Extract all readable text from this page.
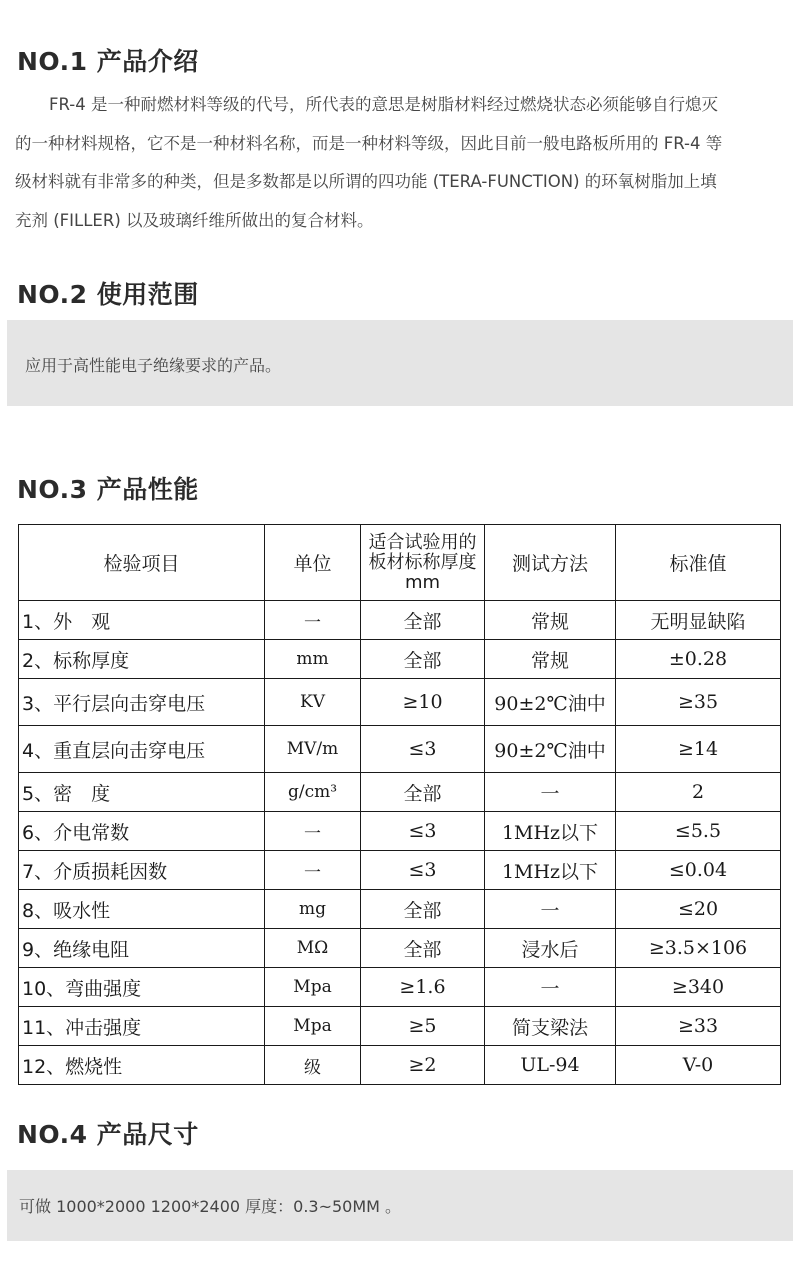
NO.1 产品介绍
FR-4 是一种耐燃材料等级的代号，所代表的意思是树脂材料经过燃烧状态必须能够自行熄灭
的一种材料规格，它不是一种材料名称，而是一种材料等级，因此目前一般电路板所用的 FR-4 等
级材料就有非常多的种类，但是多数都是以所谓的四功能 (TERA-FUNCTION) 的环氧树脂加上填
充剂 (FILLER) 以及玻璃纤维所做出的复合材料。
NO.2 使用范围
应用于高性能电子绝缘要求的产品。
NO.3 产品性能
检验项目	单位	适合试验用的板材标称厚度mm	测试方法	标准值
1、外　观	一	全部	常规	无明显缺陷
2、标称厚度	mm	全部	常规	±0.28
3、平行层向击穿电压	KV	≥10	90±2℃油中	≥35
4、重直层向击穿电压	MV/m	≤3	90±2℃油中	≥14
5、密　度	g/cm³	全部	一	2
6、介电常数	一	≤3	1MHz以下	≤5.5
7、介质损耗因数	一	≤3	1MHz以下	≤0.04
8、吸水性	mg	全部	一	≤20
9、绝缘电阻	MΩ	全部	浸水后	≥3.5×106
10、弯曲强度	Mpa	≥1.6	一	≥340
11、冲击强度	Mpa	≥5	简支梁法	≥33
12、燃烧性	级	≥2	UL-94	V-0
NO.4 产品尺寸
可做 1000*2000 1200*2400 厚度：0.3~50MM 。
